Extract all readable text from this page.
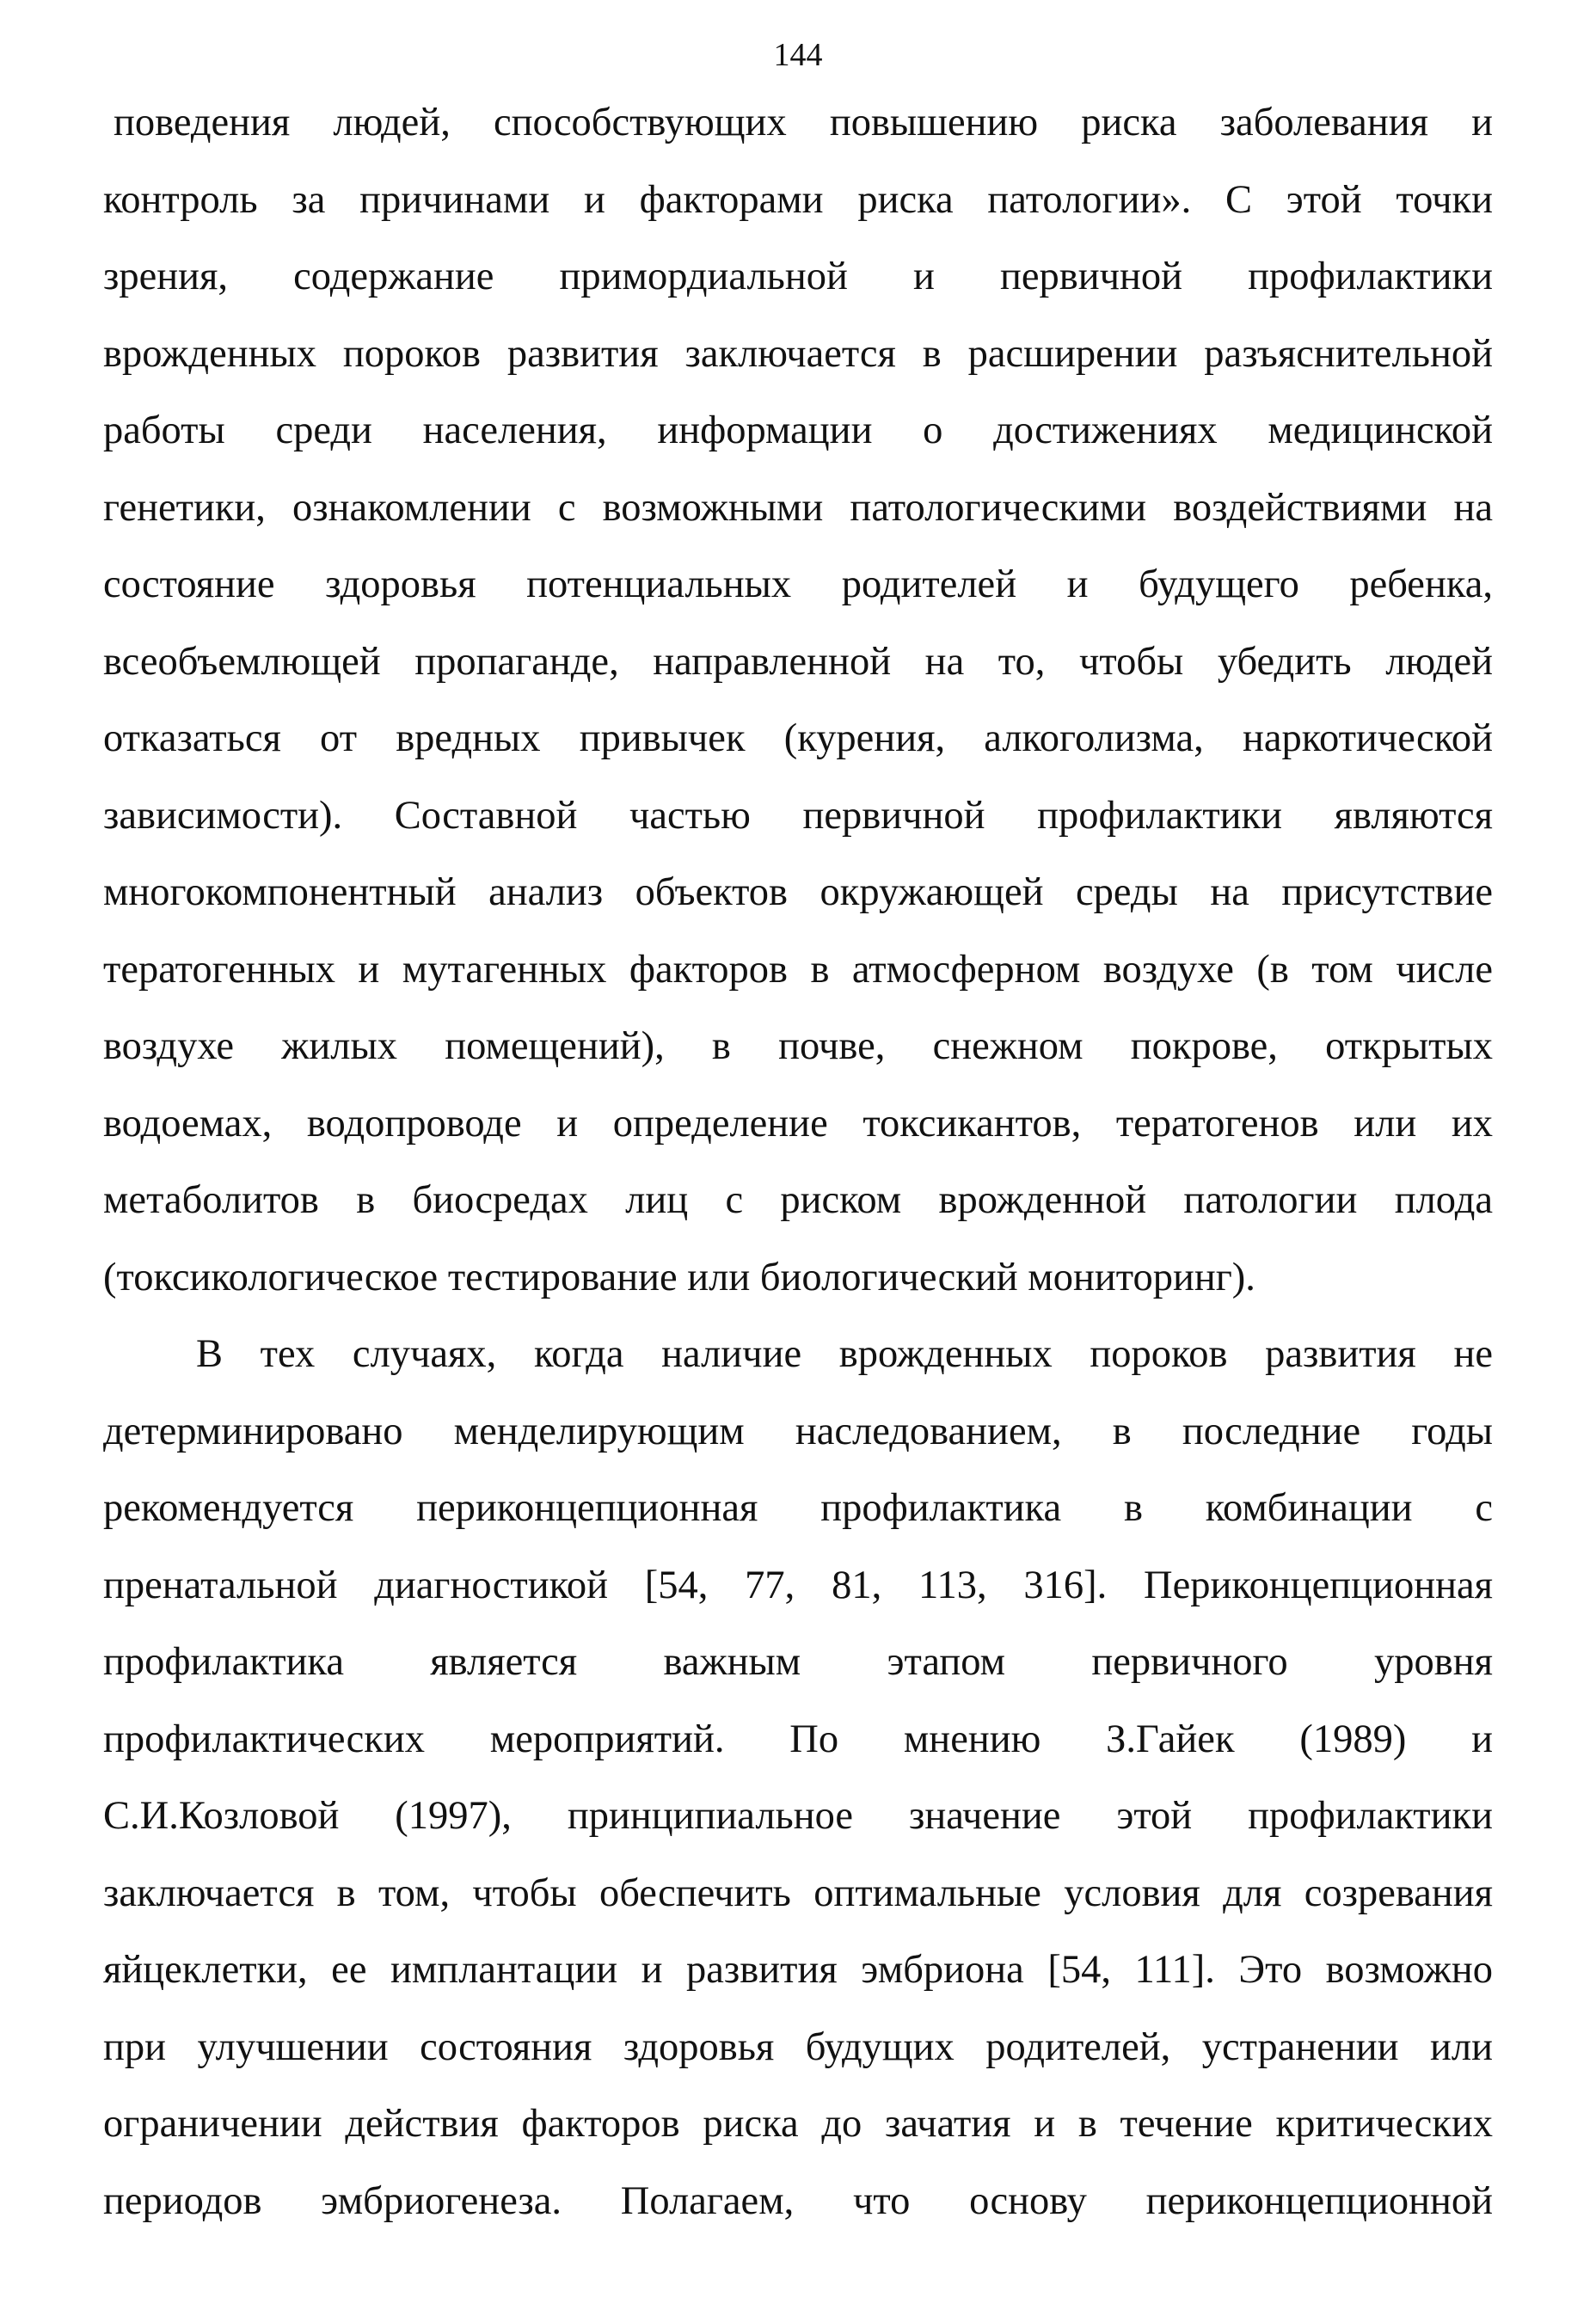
144
поведения людей, способствующих повышению риска заболевания и
контроль за причинами и факторами риска патологии». С этой точки
зрения, содержание примордиальной и первичной профилактики
врожденных пороков развития заключается в расширении разъяснительной
работы среди населения, информации о достижениях медицинской
генетики, ознакомлении с возможными патологическими воздействиями на
состояние здоровья потенциальных родителей и будущего ребенка,
всеобъемлющей пропаганде, направленной на то, чтобы убедить людей
отказаться от вредных привычек (курения, алкоголизма, наркотической
зависимости). Составной частью первичной профилактики являются
многокомпонентный анализ объектов окружающей среды на присутствие
тератогенных и мутагенных факторов в атмосферном воздухе (в том числе
воздухе жилых помещений), в почве, снежном покрове, открытых
водоемах, водопроводе и определение токсикантов, тератогенов или их
метаболитов в биосредах лиц с риском врожденной патологии плода
(токсикологическое тестирование или биологический мониторинг).
В тех случаях, когда наличие врожденных пороков развития не
детерминировано менделирующим наследованием, в последние годы
рекомендуется периконцепционная профилактика в комбинации с
пренатальной диагностикой [54, 77, 81, 113, 316]. Периконцепционная
профилактика является важным этапом первичного уровня
профилактических мероприятий. По мнению З.Гайек (1989) и
С.И.Козловой (1997), принципиальное значение этой профилактики
заключается в том, чтобы обеспечить оптимальные условия для созревания
яйцеклетки, ее имплантации и развития эмбриона [54, 111]. Это возможно
при улучшении состояния здоровья будущих родителей, устранении или
ограничении действия факторов риска до зачатия и в течение критических
периодов эмбриогенеза. Полагаем, что основу периконцепционной
